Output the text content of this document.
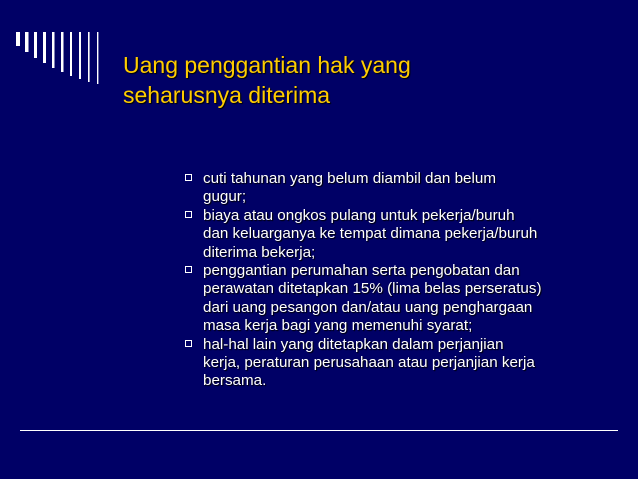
Uang penggantian hak yang
seharusnya diterima
cuti tahunan yang belum diambil dan belum
gugur;
biaya atau ongkos pulang untuk pekerja/buruh
dan keluarganya ke tempat dimana pekerja/buruh
diterima bekerja;
penggantian perumahan serta pengobatan dan
perawatan ditetapkan 15% (lima belas perseratus)
dari uang pesangon dan/atau uang penghargaan
masa kerja bagi yang memenuhi syarat;
hal-hal lain yang ditetapkan dalam perjanjian
kerja, peraturan perusahaan atau perjanjian kerja
bersama.
